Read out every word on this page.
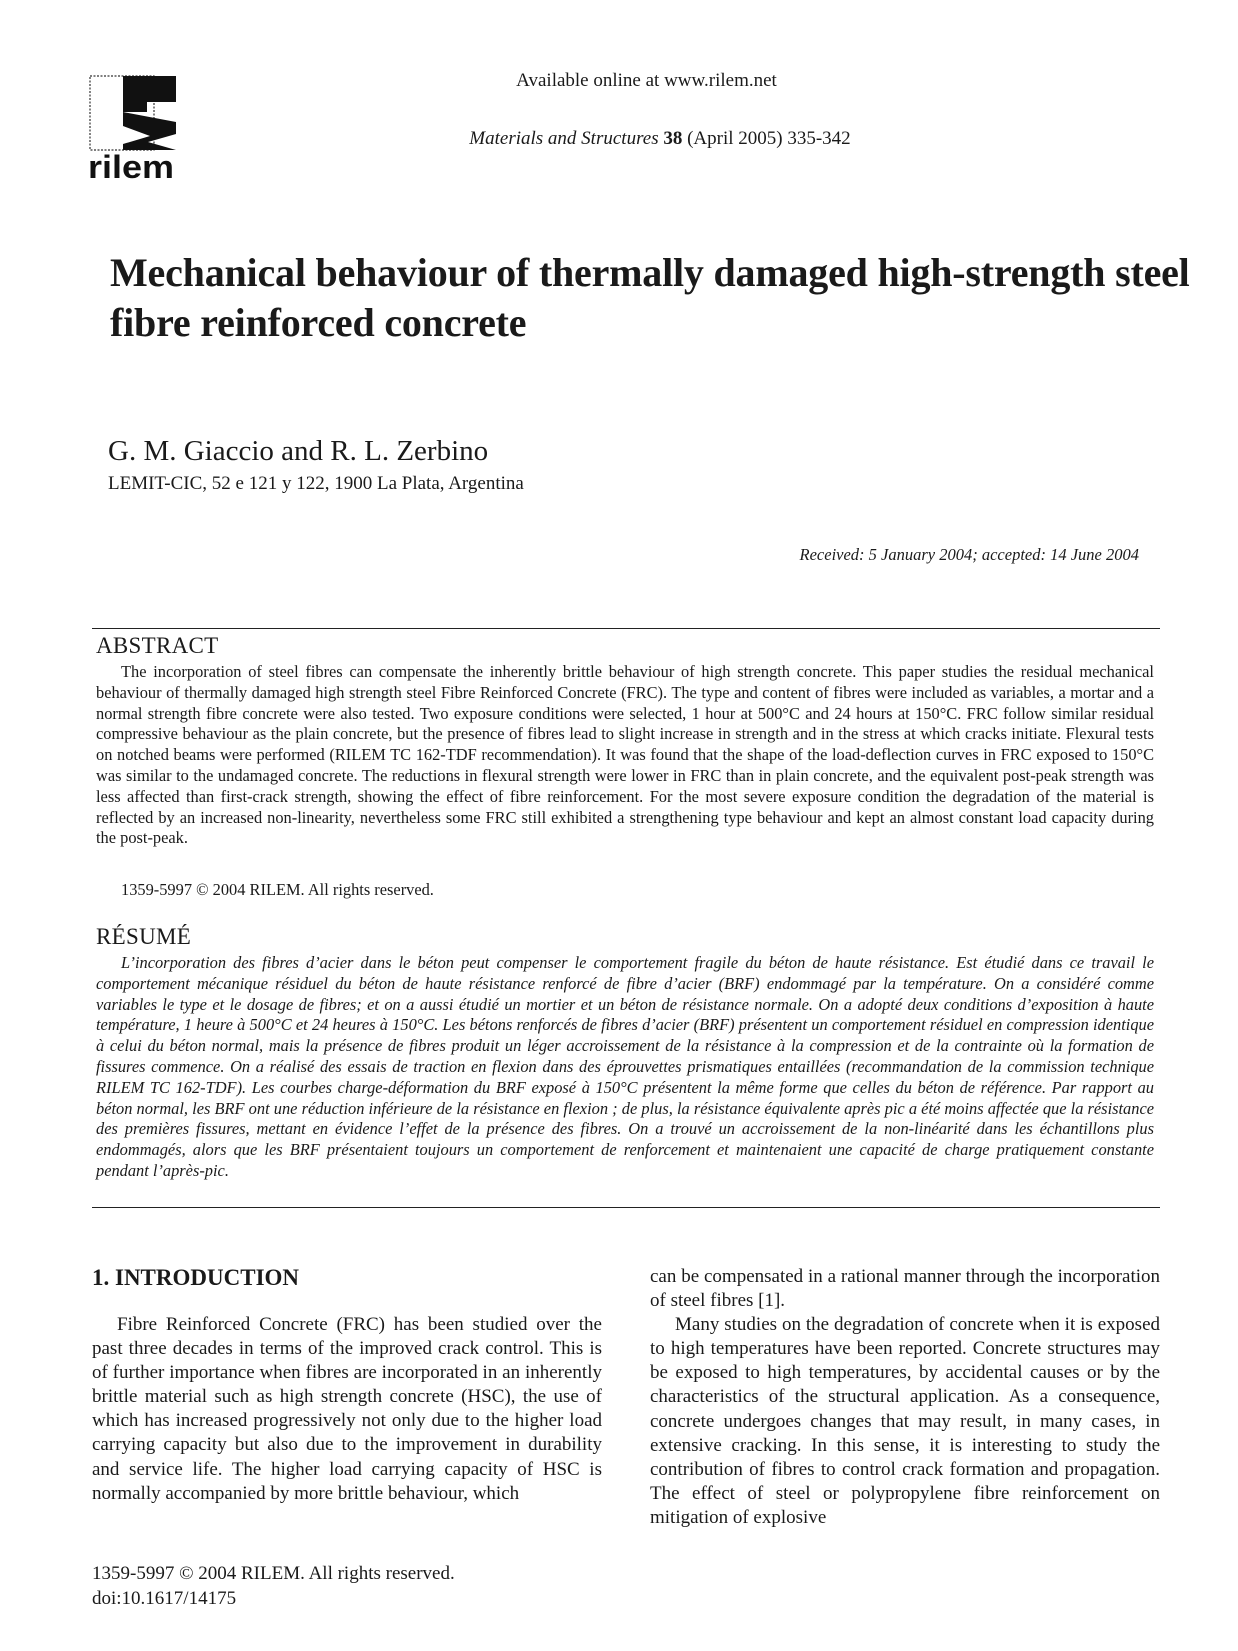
rilem
Available online at www.rilem.net
Materials and Structures 38 (April 2005) 335-342
Mechanical behaviour of thermally damaged high-strength steel fibre reinforced concrete
G. M. Giaccio and R. L. Zerbino
LEMIT-CIC, 52 e 121 y 122, 1900 La Plata, Argentina
Received: 5 January 2004; accepted: 14 June 2004
ABSTRACT
The incorporation of steel fibres can compensate the inherently brittle behaviour of high strength concrete. This paper studies the residual mechanical behaviour of thermally damaged high strength steel Fibre Reinforced Concrete (FRC). The type and content of fibres were included as variables, a mortar and a normal strength fibre concrete were also tested. Two exposure conditions were selected, 1 hour at 500°C and 24 hours at 150°C. FRC follow similar residual compressive behaviour as the plain concrete, but the presence of fibres lead to slight increase in strength and in the stress at which cracks initiate. Flexural tests on notched beams were performed (RILEM TC 162-TDF recommendation). It was found that the shape of the load-deflection curves in FRC exposed to 150°C was similar to the undamaged concrete. The reductions in flexural strength were lower in FRC than in plain concrete, and the equivalent post-peak strength was less affected than first-crack strength, showing the effect of fibre reinforcement. For the most severe exposure condition the degradation of the material is reflected by an increased non-linearity, nevertheless some FRC still exhibited a strengthening type behaviour and kept an almost constant load capacity during the post-peak.
1359-5997 © 2004 RILEM. All rights reserved.
RÉSUMÉ
L’incorporation des fibres d’acier dans le béton peut compenser le comportement fragile du béton de haute résistance. Est étudié dans ce travail le comportement mécanique résiduel du béton de haute résistance renforcé de fibre d’acier (BRF) endommagé par la température. On a considéré comme variables le type et le dosage de fibres; et on a aussi étudié un mortier et un béton de résistance normale. On a adopté deux conditions d’exposition à haute température, 1 heure à 500°C et 24 heures à 150°C. Les bétons renforcés de fibres d’acier (BRF) présentent un comportement résiduel en compression identique à celui du béton normal, mais la présence de fibres produit un léger accroissement de la résistance à la compression et de la contrainte où la formation de fissures commence. On a réalisé des essais de traction en flexion dans des éprouvettes prismatiques entaillées (recommandation de la commission technique RILEM TC 162-TDF). Les courbes charge-déformation du BRF exposé à 150°C présentent la même forme que celles du béton de référence. Par rapport au béton normal, les BRF ont une réduction inférieure de la résistance en flexion ; de plus, la résistance équivalente après pic a été moins affectée que la résistance des premières fissures, mettant en évidence l’effet de la présence des fibres. On a trouvé un accroissement de la non-linéarité dans les échantillons plus endommagés, alors que les BRF présentaient toujours un comportement de renforcement et maintenaient une capacité de charge pratiquement constante pendant l’après-pic.
1. INTRODUCTION

Fibre Reinforced Concrete (FRC) has been studied over the past three decades in terms of the improved crack control. This is of further importance when fibres are incorporated in an inherently brittle material such as high strength concrete (HSC), the use of which has increased progressively not only due to the higher load carrying capacity but also due to the improvement in durability and service life. The higher load carrying capacity of HSC is normally accompanied by more brittle behaviour, which

can be compensated in a rational manner through the incorporation of steel fibres [1].

Many studies on the degradation of concrete when it is exposed to high temperatures have been reported. Concrete structures may be exposed to high temperatures, by accidental causes or by the characteristics of the structural application. As a consequence, concrete undergoes changes that may result, in many cases, in extensive cracking. In this sense, it is interesting to study the contribution of fibres to control crack formation and propagation. The effect of steel or polypropylene fibre reinforcement on mitigation of explosive

1359-5997 © 2004 RILEM. All rights reserved.
doi:10.1617/14175
